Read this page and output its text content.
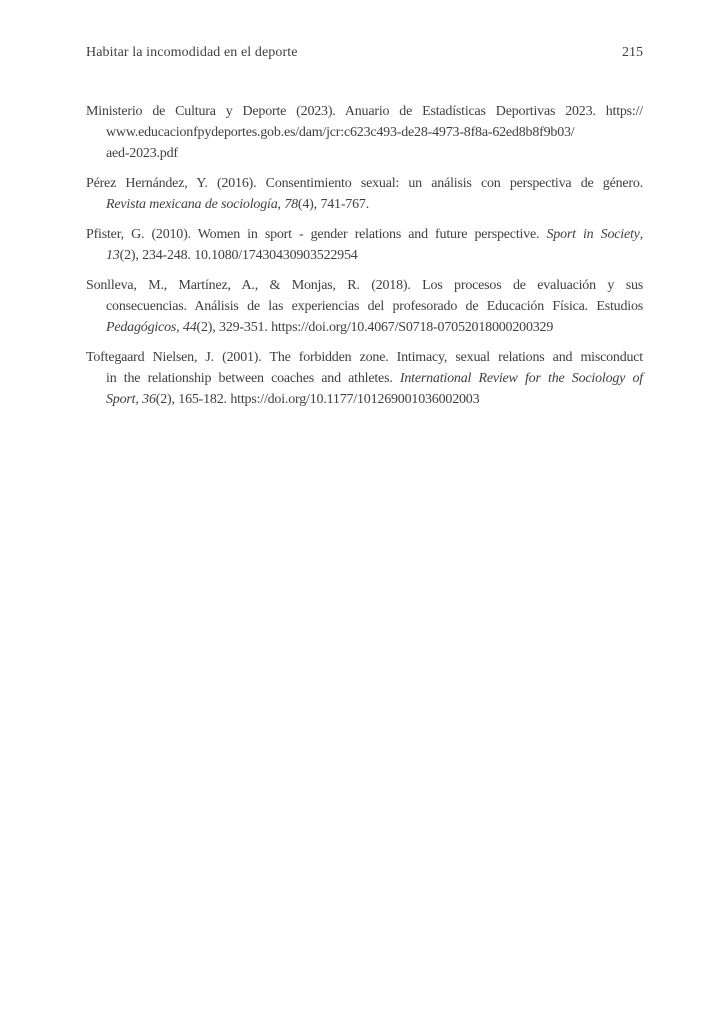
Habitar la incomodidad en el deporte	215
Ministerio de Cultura y Deporte (2023). Anuario de Estadísticas Deportivas 2023. https://
www.educacionfpydeportes.gob.es/dam/jcr:c623c493-de28-4973-8f8a-62ed8b8f9b03/
aed-2023.pdf
Pérez Hernández, Y. (2016). Consentimiento sexual: un análisis con perspectiva de género.
Revista mexicana de sociología, 78(4), 741-767.
Pfister, G. (2010). Women in sport - gender relations and future perspective. Sport in Society,
13(2), 234-248. 10.1080/17430430903522954
Sonlleva, M., Martínez, A., & Monjas, R. (2018). Los procesos de evaluación y sus
consecuencias. Análisis de las experiencias del profesorado de Educación Física. Estudios
Pedagógicos, 44(2), 329-351. https://doi.org/10.4067/S0718-07052018000200329
Toftegaard Nielsen, J. (2001). The forbidden zone. Intimacy, sexual relations and misconduct
in the relationship between coaches and athletes. International Review for the Sociology of
Sport, 36(2), 165-182. https://doi.org/10.1177/101269001036002003
